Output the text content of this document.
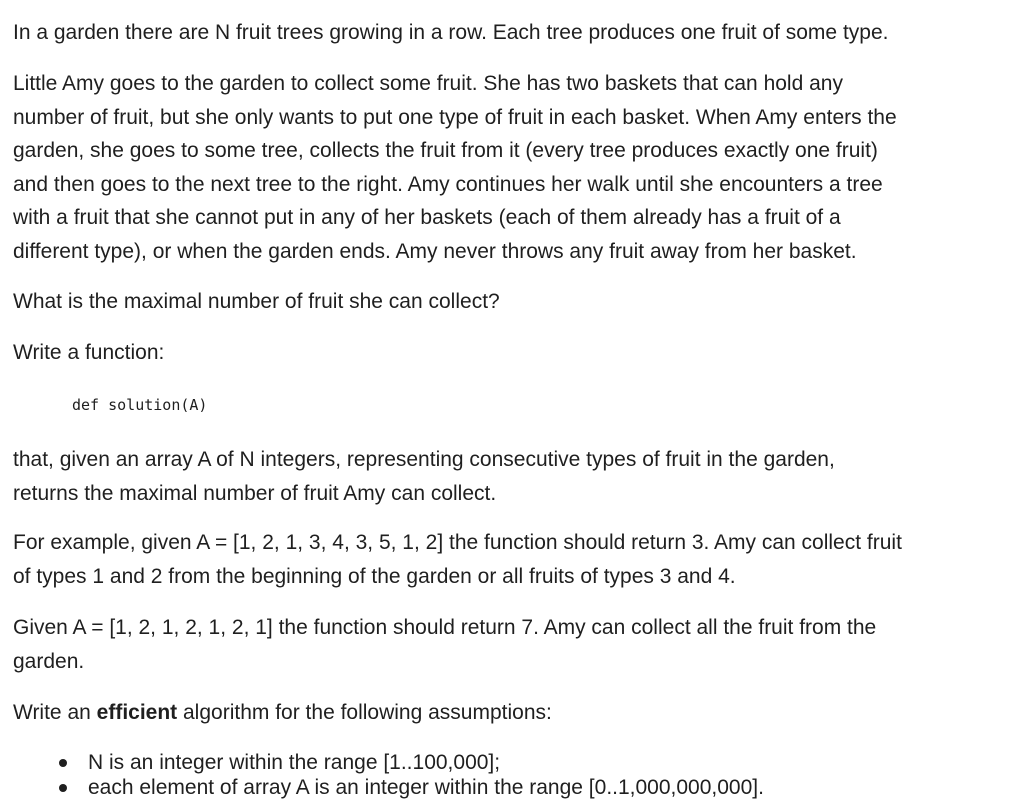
In a garden there are N fruit trees growing in a row. Each tree produces one fruit of some type.

Little Amy goes to the garden to collect some fruit. She has two baskets that can hold any
number of fruit, but she only wants to put one type of fruit in each basket. When Amy enters the
garden, she goes to some tree, collects the fruit from it (every tree produces exactly one fruit)
and then goes to the next tree to the right. Amy continues her walk until she encounters a tree
with a fruit that she cannot put in any of her baskets (each of them already has a fruit of a
different type), or when the garden ends. Amy never throws any fruit away from her basket.

What is the maximal number of fruit she can collect?

Write a function:

def solution(A)

that, given an array A of N integers, representing consecutive types of fruit in the garden,
returns the maximal number of fruit Amy can collect.

For example, given A = [1, 2, 1, 3, 4, 3, 5, 1, 2] the function should return 3. Amy can collect fruit
of types 1 and 2 from the beginning of the garden or all fruits of types 3 and 4.

Given A = [1, 2, 1, 2, 1, 2, 1] the function should return 7. Amy can collect all the fruit from the
garden.

Write an efficient algorithm for the following assumptions:

N is an integer within the range [1..100,000];
each element of array A is an integer within the range [0..1,000,000,000].
